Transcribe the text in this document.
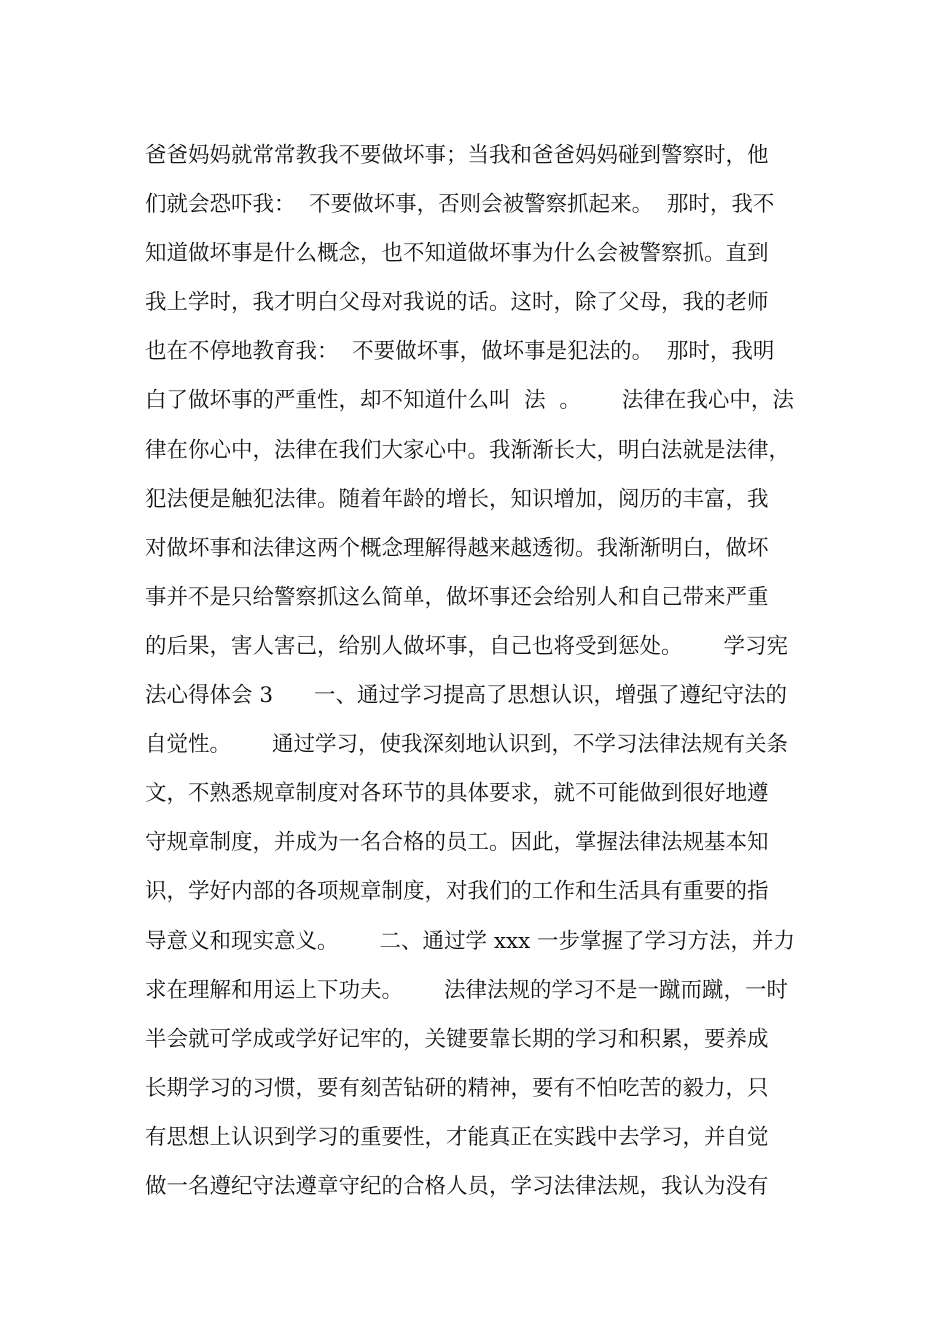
爸爸妈妈就常常教我不要做坏事；当我和爸爸妈妈碰到警察时，他
们就会恐吓我：  不要做坏事，否则会被警察抓起来。  那时，我不
知道做坏事是什么概念，也不知道做坏事为什么会被警察抓。直到
我上学时，我才明白父母对我说的话。这时，除了父母，我的老师
也在不停地教育我：  不要做坏事，做坏事是犯法的。  那时，我明
白了做坏事的严重性，却不知道什么叫  法  。      法律在我心中，法
律在你心中，法律在我们大家心中。我渐渐长大，明白法就是法律，
犯法便是触犯法律。随着年龄的增长，知识增加，阅历的丰富，我
对做坏事和法律这两个概念理解得越来越透彻。我渐渐明白，做坏
事并不是只给警察抓这么简单，做坏事还会给别人和自己带来严重
的后果，害人害己，给别人做坏事，自己也将受到惩处。      学习宪
法心得体会 3      一、通过学习提高了思想认识，增强了遵纪守法的
自觉性。      通过学习，使我深刻地认识到，不学习法律法规有关条
文，不熟悉规章制度对各环节的具体要求，就不可能做到很好地遵
守规章制度，并成为一名合格的员工。因此，掌握法律法规基本知
识，学好内部的各项规章制度，对我们的工作和生活具有重要的指
导意义和现实意义。      二、通过学 xxx 一步掌握了学习方法，并力
求在理解和用运上下功夫。      法律法规的学习不是一蹴而蹴，一时
半会就可学成或学好记牢的，关键要靠长期的学习和积累，要养成
长期学习的习惯，要有刻苦钻研的精神，要有不怕吃苦的毅力，只
有思想上认识到学习的重要性，才能真正在实践中去学习，并自觉
做一名遵纪守法遵章守纪的合格人员，学习法律法规，我认为没有
